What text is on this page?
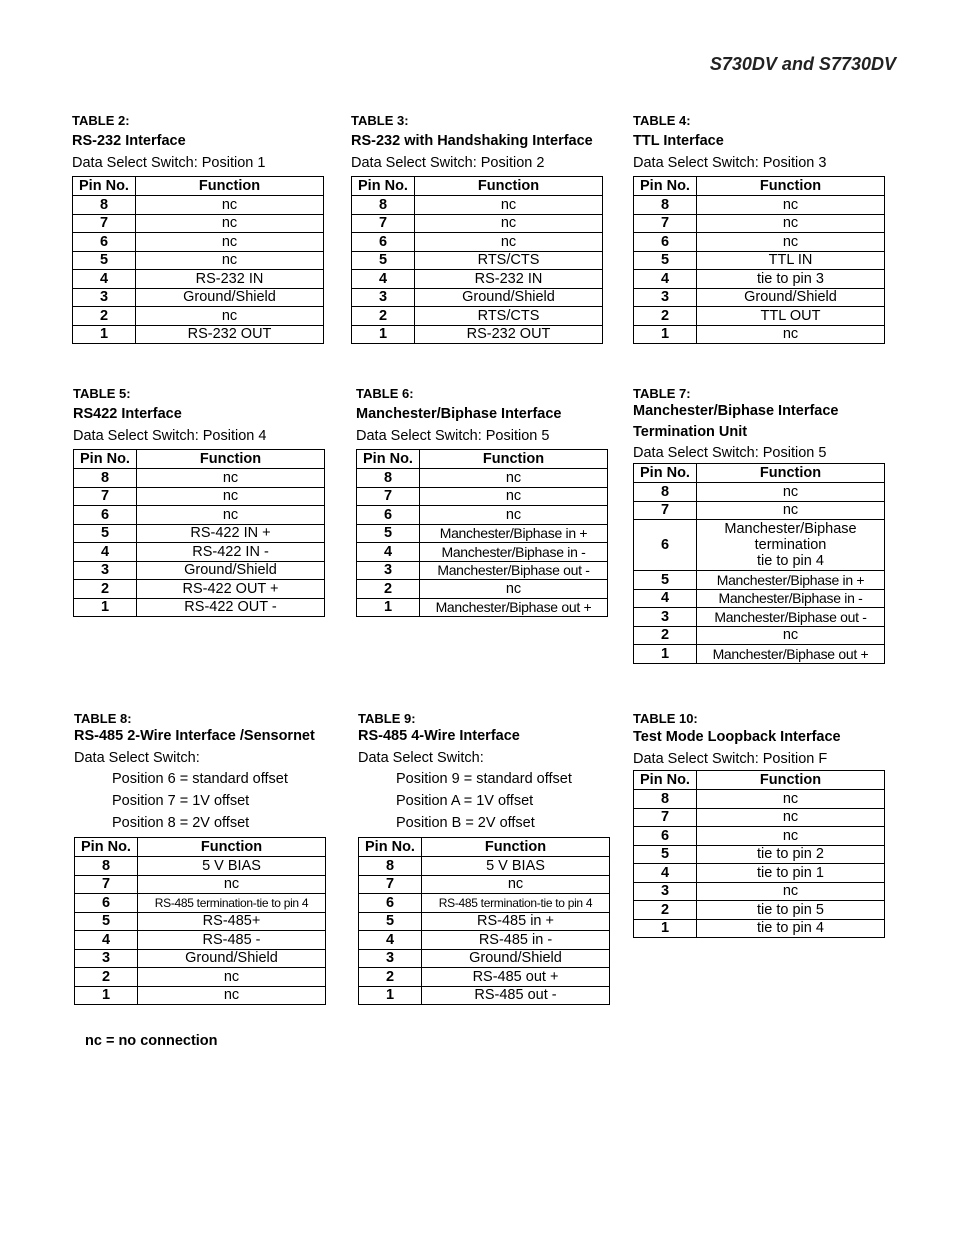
S730DV and S7730DV
TABLE 2:
RS-232 Interface
Data Select Switch: Position 1
Pin No.	Function
8	nc
7	nc
6	nc
5	nc
4	RS-232 IN
3	Ground/Shield
2	nc
1	RS-232 OUT
TABLE 3:
RS-232 with Handshaking Interface
Data Select Switch: Position 2
Pin No.	Function
8	nc
7	nc
6	nc
5	RTS/CTS
4	RS-232 IN
3	Ground/Shield
2	RTS/CTS
1	RS-232 OUT
TABLE 4:
TTL Interface
Data Select Switch: Position 3
Pin No.	Function
8	nc
7	nc
6	nc
5	TTL IN
4	tie to pin 3
3	Ground/Shield
2	TTL OUT
1	nc
TABLE 5:
RS422 Interface
Data Select Switch: Position 4
Pin No.	Function
8	nc
7	nc
6	nc
5	RS-422 IN +
4	RS-422 IN -
3	Ground/Shield
2	RS-422 OUT +
1	RS-422 OUT -
TABLE 6:
Manchester/Biphase Interface
Data Select Switch: Position 5
Pin No.	Function
8	nc
7	nc
6	nc
5	Manchester/Biphase in +
4	Manchester/Biphase in -
3	Manchester/Biphase out -
2	nc
1	Manchester/Biphase out +
TABLE 7:
Manchester/Biphase Interface
Termination Unit
Data Select Switch: Position 5
Pin No.	Function
8	nc
7	nc
6	Manchester/Biphase
termination
tie to pin 4

5	Manchester/Biphase in +
4	Manchester/Biphase in -
3	Manchester/Biphase out -
2	nc
1	Manchester/Biphase out +
TABLE 8:
RS-485 2-Wire Interface /Sensornet
Data Select Switch:
Position 6 = standard offset
Position 7 = 1V offset
Position 8 = 2V offset
Pin No.	Function
8	5 V BIAS
7	nc
6	RS-485 termination-tie to pin 4
5	RS-485+
4	RS-485 -
3	Ground/Shield
2	nc
1	nc
TABLE 9:
RS-485 4-Wire Interface
Data Select Switch:
Position 9 = standard offset
Position A = 1V offset
Position B = 2V offset
Pin No.	Function
8	5 V BIAS
7	nc
6	RS-485 termination-tie to pin 4
5	RS-485 in +
4	RS-485 in -
3	Ground/Shield
2	RS-485 out +
1	RS-485 out -
TABLE 10:
Test Mode Loopback Interface
Data Select Switch: Position F
Pin No.	Function
8	nc
7	nc
6	nc
5	tie to pin 2
4	tie to pin 1
3	nc
2	tie to pin 5
1	tie to pin 4
nc = no connection
